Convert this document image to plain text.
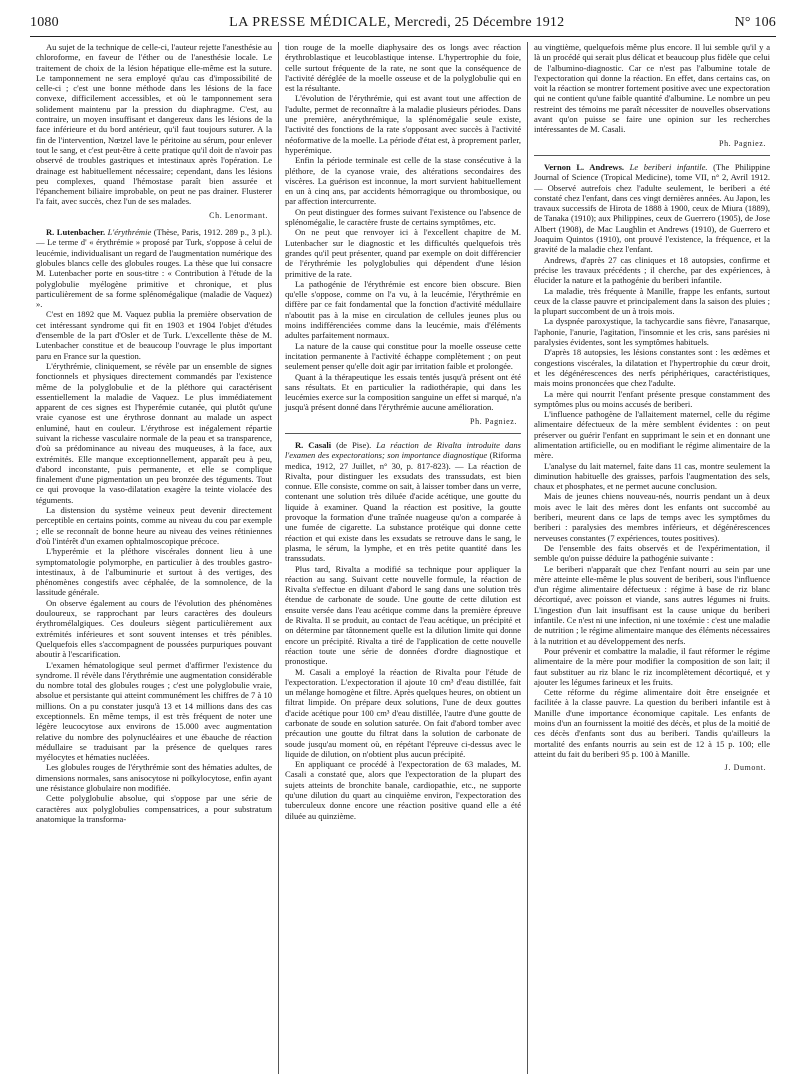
1080	LA PRESSE MÉDICALE, Mercredi, 25 Décembre 1912	N° 106

Au sujet de la technique de celle-ci, l'auteur rejette l'anesthésie au chloroforme, en faveur de l'éther ou de l'anesthésie locale. Le traitement de choix de la lésion hépatique elle-même est la suture. Le tamponnement ne sera employé qu'au cas d'impossibilité de celle-ci ; c'est une bonne méthode dans les lésions de la face convexe, difficilement accessibles, et où le tamponnement sera solidement maintenu par la pression du diaphragme. C'est, au contraire, un moyen insuffisant et dangereux dans les lésions de la face inférieure et du bord antérieur, qu'il faut toujours suturer. A la fin de l'intervention, Nœtzel lave le péritoine au sérum, pour enlever tout le sang, et c'est peut-être à cette pratique qu'il doit de n'avoir pas observé de troubles gastriques et intestinaux après l'opération. Le drainage est habituellement nécessaire; cependant, dans les lésions peu complexes, quand l'hémostase paraît bien assurée et l'épanchement biliaire improbable, on peut ne pas drainer. Flusterer l'a fait, avec succès, chez l'un de ses malades.

Ch. Lenormant.

R. Lutenbacher. L'érythrémie (Thèse, Paris, 1912. 289 p., 3 pl.). — Le terme d' « érythrémie » proposé par Turk, s'oppose à celui de leucémie, individualisant un regard de l'augmentation numérique des globules blancs celle des globules rouges. La thèse que lui consacre M. Lutenbacher porte en sous-titre : « Contribution à l'étude de la polyglobulie myélogène primitive et chronique, et plus particulièrement de sa forme splénomégalique (maladie de Vaquez) ».

C'est en 1892 que M. Vaquez publia la première observation de cet intéressant syndrome qui fit en 1903 et 1904 l'objet d'études d'ensemble de la part d'Osler et de Turk. L'excellente thèse de M. Lutenbacher constitue et de beaucoup l'ouvrage le plus important paru en France sur la question.

L'érythrémie, cliniquement, se révèle par un ensemble de signes fonctionnels et physiques directement commandés par l'existence même de la polyglobulie et de la pléthore qui caractérisent essentiellement la maladie de Vaquez. Le plus immédiatement apparent de ces signes est l'hyperémie cutanée, qui plutôt qu'une vraie cyanose est une érythrose donnant au malade un aspect enluminé, haut en couleur. L'érythrose est inégalement répartie suivant la richesse vasculaire normale de la peau et sa transparence, d'où sa prédominance au niveau des muqueuses, à la face, aux extrémités. Elle manque exceptionnellement, apparaît peu à peu, d'abord inconstante, puis permanente, et elle se complique finalement d'une pigmentation un peu bronzée des téguments. Tout ce qui provoque la vaso-dilatation exagère la teinte violacée des téguments.

La distension du système veineux peut devenir directement perceptible en certains points, comme au niveau du cou par exemple ; elle se reconnaît de bonne heure au niveau des veines rétiniennes d'où l'intérêt d'un examen ophtalmoscopique précoce.

L'hyperémie et la pléthore viscérales donnent lieu à une symptomatologie polymorphe, en particulier à des troubles gastro-intestinaux, à de l'albuminurie et surtout à des vertiges, des phénomènes congestifs avec céphalée, de la somnolence, de la lassitude générale.

On observe également au cours de l'évolution des phénomènes douloureux, se rapprochant par leurs caractères des douleurs érythromélalgiques. Ces douleurs siègent particulièrement aux extrémités inférieures et sont souvent intenses et très pénibles. Quelquefois elles s'accompagnent de poussées purpuriques pouvant aboutir à l'escarification.

L'examen hématologique seul permet d'affirmer l'existence du syndrome. Il révèle dans l'érythrémie une augmentation considérable du nombre total des globules rouges ; c'est une polyglobulie vraie, absolue et persistante qui atteint communément les chiffres de 7 à 10 millions. On a pu constater jusqu'à 13 et 14 millions dans des cas exceptionnels. En même temps, il est très fréquent de noter une légère leucocytose aux environs de 15.000 avec augmentation relative du nombre des polynucléaires et une ébauche de réaction médullaire se traduisant par la présence de quelques rares myélocytes et hématies nucléées.

Les globules rouges de l'érythrémie sont des hématies adultes, de dimensions normales, sans anisocytose ni poïkylocytose, enfin ayant une résistance globulaire non modifiée.

Cette polyglobulie absolue, qui s'oppose par une série de caractères aux polyglobulies compensatrices, a pour substratum anatomique la transforma-

tion rouge de la moelle diaphysaire des os longs avec réaction érythroblastique et leucoblastique intense. L'hypertrophie du foie, celle surtout fréquente de la rate, ne sont que la conséquence de l'activité déréglée de la moelle osseuse et de la polyglobulie qui en est la résultante.

L'évolution de l'érythrémie, qui est avant tout une affection de l'adulte, permet de reconnaître à la maladie plusieurs périodes. Dans une première, anérythrémique, la splénomégalie seule existe, l'activité des fonctions de la rate s'opposant avec succès à l'activité néoformative de la moelle. La période d'état est, à proprement parler, hyperémique.

Enfin la période terminale est celle de la stase consécutive à la pléthore, de la cyanose vraie, des altérations secondaires des viscères. La guérison est inconnue, la mort survient habituellement en un à cinq ans, par accidents hémorragique ou thrombosique, ou par affection intercurrente.

On peut distinguer des formes suivant l'existence ou l'absence de splénomégalie, le caractère fruste de certains symptômes, etc.

On ne peut que renvoyer ici à l'excellent chapitre de M. Lutenbacher sur le diagnostic et les difficultés quelquefois très grandes qu'il peut présenter, quand par exemple on doit différencier de l'érythrémie les polyglobulies qui dépendent d'une lésion primitive de la rate.

La pathogénie de l'érythrémie est encore bien obscure. Bien qu'elle s'oppose, comme on l'a vu, à la leucémie, l'érythrémie en diffère par ce fait fondamental que la fonction d'activité médullaire n'aboutit pas à la mise en circulation de cellules jeunes plus ou moins indifférenciées comme dans la leucémie, mais d'éléments adultes parfaitement normaux.

La nature de la cause qui constitue pour la moelle osseuse cette incitation permanente à l'activité échappe complètement ; on peut seulement penser qu'elle doit agir par irritation faible et prolongée.

Quant à la thérapeutique les essais tentés jusqu'à présent ont été sans résultats. Et en particulier la radiothérapie, qui dans les leucémies exerce sur la composition sanguine un effet si marqué, n'a jusqu'à présent donné dans l'érythrémie aucune amélioration.

Ph. Pagniez.

R. Casali (de Pise). La réaction de Rivalta introduite dans l'examen des expectorations; son importance diagnostique (Riforma medica, 1912, 27 Juillet, n° 30, p. 817-823). — La réaction de Rivalta, pour distinguer les exsudats des transsudats, est bien connue. Elle consiste, comme on sait, à laisser tomber dans un verre, contenant une solution très diluée d'acide acétique, une goutte du liquide à examiner. Quand la réaction est positive, la goutte provoque la formation d'une traînée nuageuse qu'on a comparée à une fumée de cigarette. La substance protéique qui donne cette réaction et qui existe dans les exsudats se retrouve dans le sang, le plasma, le sérum, la lymphe, et en très petite quantité dans les transsudats.

Plus tard, Rivalta a modifié sa technique pour appliquer la réaction au sang. Suivant cette nouvelle formule, la réaction de Rivalta s'effectue en diluant d'abord le sang dans une solution très étendue de carbonate de soude. Une goutte de cette dilution est ensuite versée dans l'eau acétique comme dans la première épreuve de Rivalta. Il se produit, au contact de l'eau acétique, un précipité et on détermine par tâtonnement quelle est la dilution limite qui donne encore un précipité. Rivalta a tiré de l'application de cette nouvelle réaction toute une série de données d'ordre diagnostique et pronostique.

M. Casali a employé la réaction de Rivalta pour l'étude de l'expectoration. L'expectoration il ajoute 10 cm³ d'eau distillée, fait un mélange homogène et filtre. Après quelques heures, on obtient un filtrat limpide. On prépare deux solutions, l'une de deux gouttes d'acide acétique pour 100 cm³ d'eau distillée, l'autre d'une goutte de carbonate de soude en solution saturée. On fait d'abord tomber avec précaution une goutte du filtrat dans la solution de carbonate de soude jusqu'au moment où, en répétant l'épreuve ci-dessus avec le liquide de dilution, on n'obtient plus aucun précipité.

En appliquant ce procédé à l'expectoration de 63 malades, M. Casali a constaté que, alors que l'expectoration de la plupart des sujets atteints de bronchite banale, cardiopathie, etc., ne supporte qu'une dilution du quart au cinquième environ, l'expectoration des tuberculeux donne encore une réaction positive quand elle a été diluée au quinzième.

au vingtième, quelquefois même plus encore. Il lui semble qu'il y a là un procédé qui serait plus délicat et beaucoup plus fidèle que celui de l'albumino-diagnostic. Car ce n'est pas l'albumine totale de l'expectoration qui donne la réaction. En effet, dans certains cas, on voit la réaction se montrer fortement positive avec une expectoration qui ne contient qu'une faible quantité d'albumine. Le nombre un peu restreint des témoins me paraît nécessiter de nouvelles observations avant qu'on puisse se faire une opinion sur les recherches intéressantes de M. Casali.

Ph. Pagniez.

Vernon L. Andrews. Le beriberi infantile. (The Philippine Journal of Science (Tropical Medicine), tome VII, n° 2, Avril 1912. — Observé autrefois chez l'adulte seulement, le beriberi a été constaté chez l'enfant, dans ces vingt dernières années. Au Japon, les travaux successifs de Hirota de 1888 à 1900, ceux de Miura (1889), de Tanaka (1910); aux Philippines, ceux de Guerrero (1905), de Jose Albert (1908), de Mac Laughlin et Andrews (1910), de Guerrero et Joaquim Quintos (1910), ont prouvé l'existence, la fréquence, et la gravité de la maladie chez l'enfant.

Andrews, d'après 27 cas cliniques et 18 autopsies, confirme et précise les travaux précédents ; il cherche, par des expériences, à élucider la nature et la pathogénie du beriberi infantile.

La maladie, très fréquente à Manille, frappe les enfants, surtout ceux de la classe pauvre et principalement dans la saison des pluies ; la plupart succombent de un à trois mois.

La dyspnée paroxystique, la tachycardie sans fièvre, l'anasarque, l'aphonie, l'anurie, l'agitation, l'insomnie et les cris, sans parésies ni paralysies évidentes, sont les symptômes habituels.

D'après 18 autopsies, les lésions constantes sont : les œdèmes et congestions viscérales, la dilatation et l'hypertrophie du cœur droit, et les dégénérescences des nerfs périphériques, caractéristiques, mais moins prononcées que chez l'adulte.

La mère qui nourrit l'enfant présente presque constamment des symptômes plus ou moins accusés de beriberi.

L'influence pathogène de l'allaitement maternel, celle du régime alimentaire défectueux de la mère semblent évidentes : on peut préserver ou guérir l'enfant en supprimant le sein et en donnant une alimentation artificielle, ou en modifiant le régime alimentaire de la mère.

L'analyse du lait maternel, faite dans 11 cas, montre seulement la diminution habituelle des graisses, parfois l'augmentation des sels, chaux et phosphates, et ne permet aucune conclusion.

Mais de jeunes chiens nouveau-nés, nourris pendant un à deux mois avec le lait des mères dont les enfants ont succombé au beriberi, meurent dans ce laps de temps avec les symptômes du beriberi : paralysies des membres inférieurs, et dégénérescences nerveuses constantes (7 expériences, toutes positives).

De l'ensemble des faits observés et de l'expérimentation, il semble qu'on puisse déduire la pathogénie suivante :

Le beriberi n'apparaît que chez l'enfant nourri au sein par une mère atteinte elle-même le plus souvent de beriberi, sous l'influence d'un régime alimentaire défectueux : régime à base de riz blanc décortiqué, avec poisson et viande, sans autres légumes ni fruits. L'ingestion d'un lait insuffisant est la cause unique du beriberi infantile. Ce n'est ni une infection, ni une toxémie : c'est une maladie de nutrition ; le régime alimentaire manque des éléments nécessaires à la nutrition et au développement des nerfs.

Pour prévenir et combattre la maladie, il faut réformer le régime alimentaire de la mère pour modifier la composition de son lait; il faut substituer au riz blanc le riz incomplètement décortiqué, et y ajouter les légumes farineux et les fruits.

Cette réforme du régime alimentaire doit être enseignée et facilitée à la classe pauvre. La question du beriberi infantile est à Manille d'une importance économique capitale. Les enfants de moins d'un an fournissent la moitié des décès, et plus de la moitié de ces décès d'enfants sont dus au beriberi. Tandis qu'ailleurs la mortalité des enfants nourris au sein est de 12 à 15 p. 100; elle atteint du fait du beriberi 95 p. 100 à Manille.

J. Dumont.
